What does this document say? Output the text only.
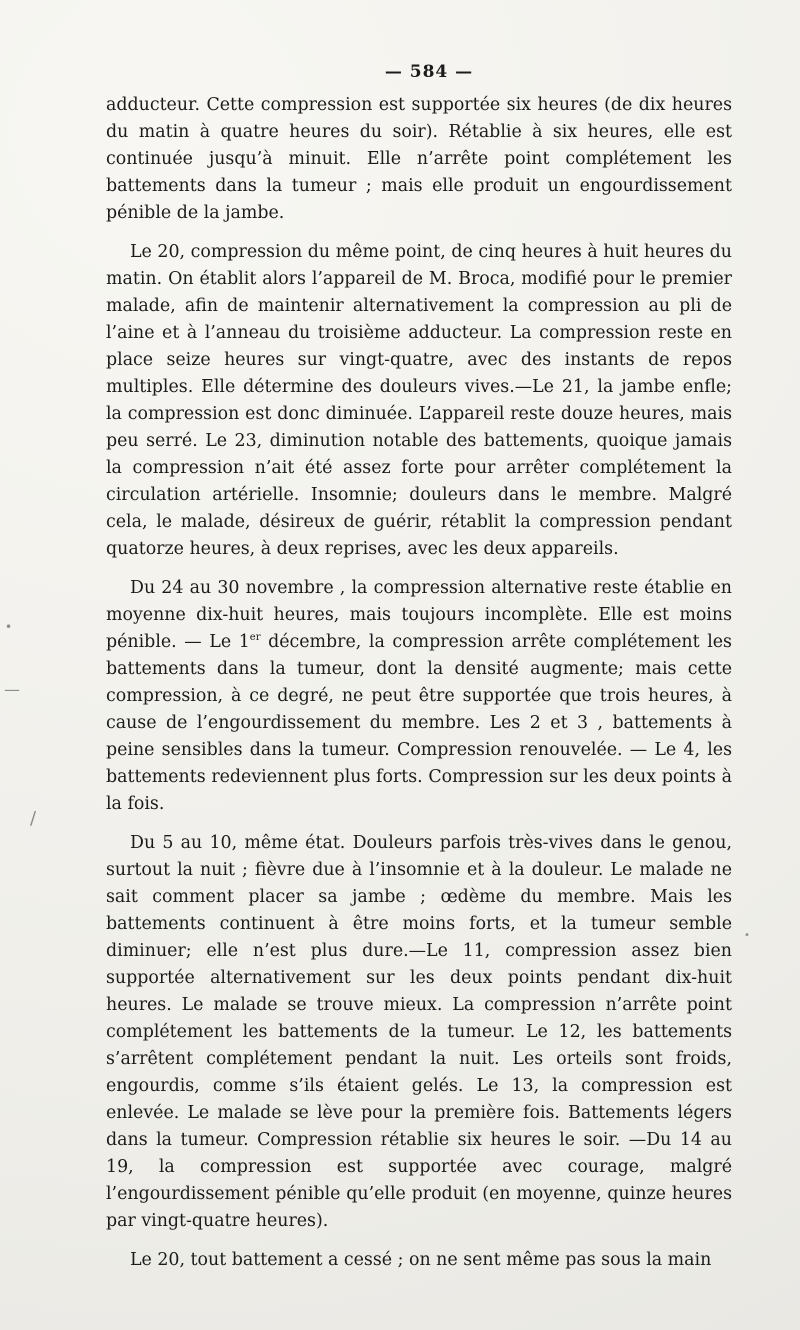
— 584 —

adducteur. Cette compression est supportée six heures (de dix heures du matin à quatre heures du soir). Rétablie à six heures, elle est continuée jusqu’à minuit. Elle n’arrête point complétement les battements dans la tumeur ; mais elle produit un engourdissement pénible de la jambe.

Le 20, compression du même point, de cinq heures à huit heures du matin. On établit alors l’appareil de M. Broca, modifié pour le premier malade, afin de maintenir alternativement la compression au pli de l’aine et à l’anneau du troisième adducteur. La compression reste en place seize heures sur vingt-quatre, avec des instants de repos multiples. Elle détermine des douleurs vives.—Le 21, la jambe enfle; la compression est donc diminuée. L’appareil reste douze heures, mais peu serré. Le 23, diminution notable des battements, quoique jamais la compression n’ait été assez forte pour arrêter complétement la circulation artérielle. Insomnie; douleurs dans le membre. Malgré cela, le malade, désireux de guérir, rétablit la compression pendant quatorze heures, à deux reprises, avec les deux appareils.

Du 24 au 30 novembre , la compression alternative reste établie en moyenne dix-huit heures, mais toujours incomplète. Elle est moins pénible. — Le 1er décembre, la compression arrête complétement les battements dans la tumeur, dont la densité augmente; mais cette compression, à ce degré, ne peut être supportée que trois heures, à cause de l’engourdissement du membre. Les 2 et 3 , battements à peine sensibles dans la tumeur. Compression renouvelée. — Le 4, les battements redeviennent plus forts. Compression sur les deux points à la fois.

Du 5 au 10, même état. Douleurs parfois très-vives dans le genou, surtout la nuit ; fièvre due à l’insomnie et à la douleur. Le malade ne sait comment placer sa jambe ; œdème du membre. Mais les battements continuent à être moins forts, et la tumeur semble diminuer; elle n’est plus dure.—Le 11, compression assez bien supportée alternativement sur les deux points pendant dix-huit heures. Le malade se trouve mieux. La compression n’arrête point complétement les battements de la tumeur. Le 12, les battements s’arrêtent complétement pendant la nuit. Les orteils sont froids, engourdis, comme s’ils étaient gelés. Le 13, la compression est enlevée. Le malade se lève pour la première fois. Battements légers dans la tumeur. Compression rétablie six heures le soir. —Du 14 au 19, la compression est supportée avec courage, malgré l’engourdissement pénible qu’elle produit (en moyenne, quinze heures par vingt-quatre heures).

Le 20, tout battement a cessé ; on ne sent même pas sous la main

•
—
/
•
